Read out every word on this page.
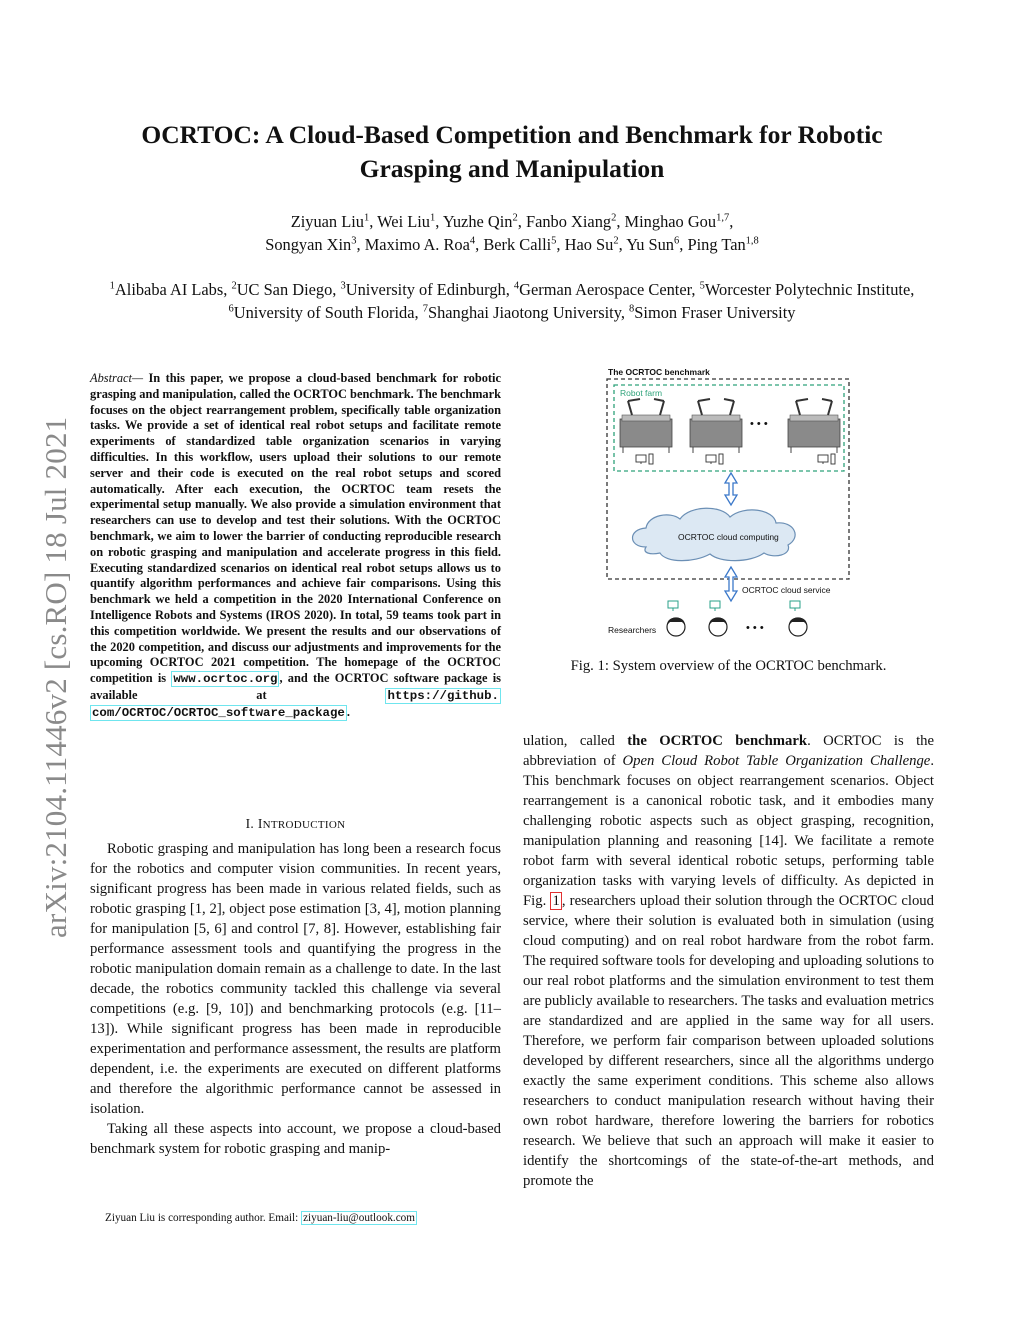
arXiv:2104.11446v2 [cs.RO] 18 Jul 2021
OCRTOC: A Cloud-Based Competition and Benchmark for Robotic Grasping and Manipulation
Ziyuan Liu$^1$, Wei Liu$^1$, Yuzhe Qin$^2$, Fanbo Xiang$^2$, Minghao Gou$^{1,7}$,
Songyan Xin$^3$, Maximo A. Roa$^4$, Berk Calli$^5$, Hao Su$^2$, Yu Sun$^6$, Ping Tan$^{1,8}$
$^1$Alibaba AI Labs, $^2$UC San Diego, $^3$University of Edinburgh, $^4$German Aerospace Center, $^5$Worcester Polytechnic Institute, $^6$University of South Florida, $^7$Shanghai Jiaotong University, $^8$Simon Fraser University
Abstract— In this paper, we propose a cloud-based benchmark for robotic grasping and manipulation, called the OCRTOC benchmark. The benchmark focuses on the object rearrangement problem, specifically table organization tasks. We provide a set of identical real robot setups and facilitate remote experiments of standardized table organization scenarios in varying difficulties. In this workflow, users upload their solutions to our remote server and their code is executed on the real robot setups and scored automatically. After each execution, the OCRTOC team resets the experimental setup manually. We also provide a simulation environment that researchers can use to develop and test their solutions. With the OCRTOC benchmark, we aim to lower the barrier of conducting reproducible research on robotic grasping and manipulation and accelerate progress in this field. Executing standardized scenarios on identical real robot setups allows us to quantify algorithm performances and achieve fair comparisons. Using this benchmark we held a competition in the 2020 International Conference on Intelligence Robots and Systems (IROS 2020). In total, 59 teams took part in this competition worldwide. We present the results and our observations of the 2020 competition, and discuss our adjustments and improvements for the upcoming OCRTOC 2021 competition. The homepage of the OCRTOC competition is www.ocrtoc.org , and the OCRTOC software package is available at https://github. com/OCRTOC/OCRTOC_software_package .
I. INTRODUCTION

Robotic grasping and manipulation has long been a research focus for the robotics and computer vision communities. In recent years, significant progress has been made in various related fields, such as robotic grasping [1, 2], object pose estimation [3, 4], motion planning for manipulation [5, 6] and control [7, 8]. However, establishing fair performance assessment tools and quantifying the progress in the robotic manipulation domain remain as a challenge to date. In the last decade, the robotics community tackled this challenge via several competitions (e.g. [9, 10]) and benchmarking protocols (e.g. [11–13]). While significant progress has been made in reproducible experimentation and performance assessment, the results are platform dependent, i.e. the experiments are executed on different platforms and therefore the algorithmic performance cannot be assessed in isolation.

Taking all these aspects into account, we propose a cloud-based benchmark system for robotic grasping and manip-

Ziyuan Liu is corresponding author. Email: ziyuan-liu@outlook.com
The OCRTOC benchmark
Robot farm
• • •
OCRTOC cloud computing
OCRTOC cloud service
Researchers	• • •
Fig. 1: System overview of the OCRTOC benchmark.

ulation, called the OCRTOC benchmark. OCRTOC is the abbreviation of Open Cloud Robot Table Organization Challenge. This benchmark focuses on object rearrangement scenarios. Object rearrangement is a canonical robotic task, and it embodies many challenging robotic aspects such as object grasping, recognition, manipulation planning and reasoning [14]. We facilitate a remote robot farm with several identical robotic setups, performing table organization tasks with varying levels of difficulty. As depicted in Fig. 1 , researchers upload their solution through the OCRTOC cloud service, where their solution is evaluated both in simulation (using cloud computing) and on real robot hardware from the robot farm. The required software tools for developing and uploading solutions to our real robot platforms and the simulation environment to test them are publicly available to researchers. The tasks and evaluation metrics are standardized and are applied in the same way for all users. Therefore, we perform fair comparison between uploaded solutions developed by different researchers, since all the algorithms undergo exactly the same experiment conditions. This scheme also allows researchers to conduct manipulation research without having their own robot hardware, therefore lowering the barriers for robotics research. We believe that such an approach will make it easier to identify the shortcomings of the state-of-the-art methods, and promote the
